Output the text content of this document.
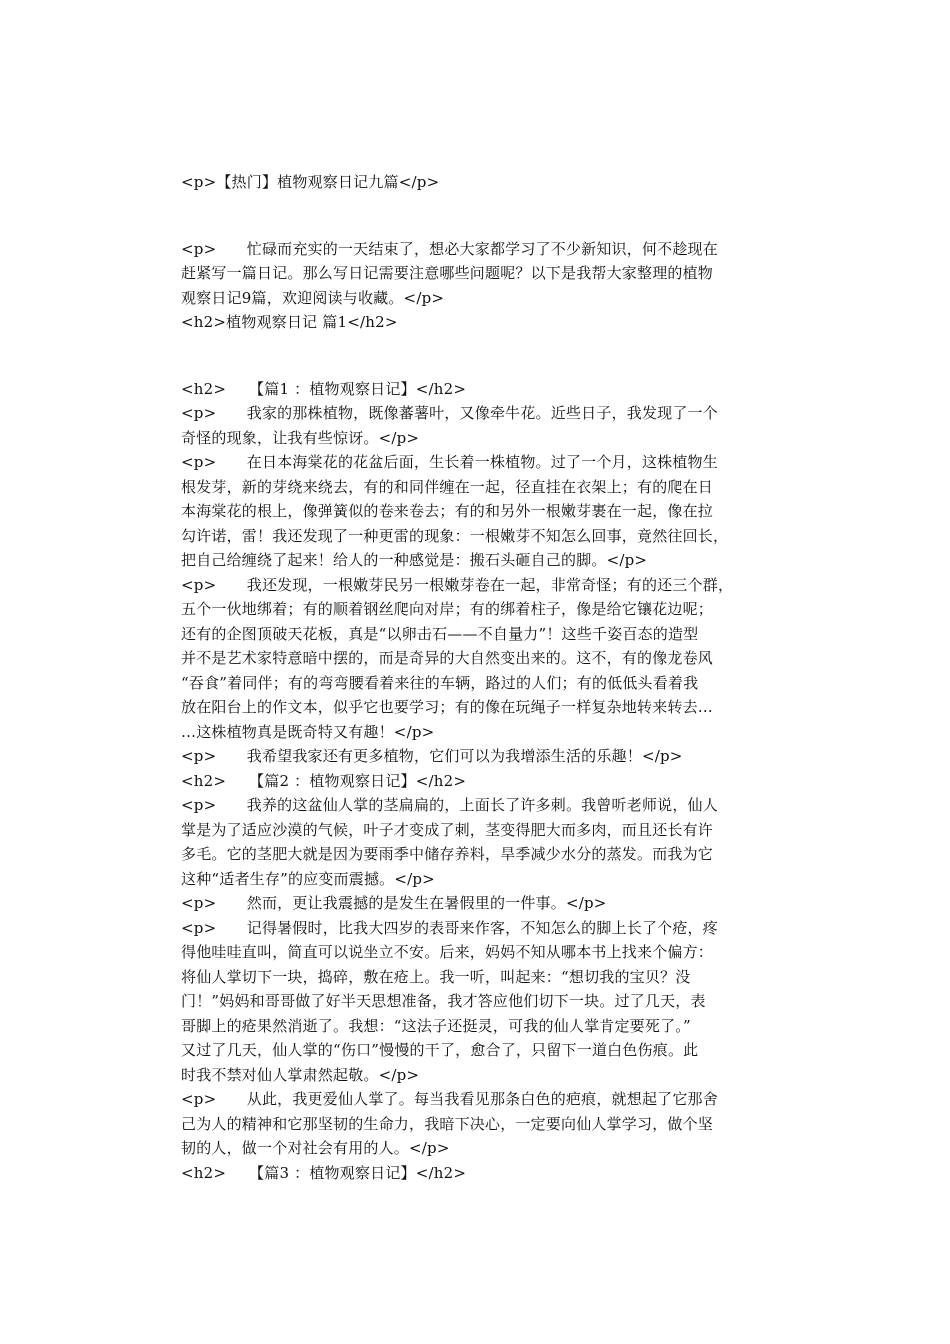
<p>【热门】植物观察日记九篇</p>
<p>　　忙碌而充实的一天结束了，想必大家都学习了不少新知识，何不趁现在
赶紧写一篇日记。那么写日记需要注意哪些问题呢？以下是我帮大家整理的植物
观察日记9篇，欢迎阅读与收藏。</p>
<h2>植物观察日记 篇1</h2>
<h2>　　【篇1 ：植物观察日记】</h2>
<p>　　我家的那株植物，既像蕃薯叶，又像牵牛花。近些日子，我发现了一个
奇怪的现象，让我有些惊讶。</p>
<p>　　在日本海棠花的花盆后面，生长着一株植物。过了一个月，这株植物生
根发芽，新的芽绕来绕去，有的和同伴缠在一起，径直挂在衣架上；有的爬在日
本海棠花的根上，像弹簧似的卷来卷去；有的和另外一根嫩芽裹在一起，像在拉
勾许诺，雷！我还发现了一种更雷的现象：一根嫩芽不知怎么回事，竟然往回长，
把自己给缠绕了起来！给人的一种感觉是：搬石头砸自己的脚。</p>
<p>　　我还发现，一根嫩芽民另一根嫩芽卷在一起，非常奇怪；有的还三个群，
五个一伙地绑着；有的顺着钢丝爬向对岸；有的绑着柱子，像是给它镶花边呢；
还有的企图顶破天花板，真是“以卵击石——不自量力”！这些千姿百态的造型
并不是艺术家特意暗中摆的，而是奇异的大自然变出来的。这不，有的像龙卷风
“吞食”着同伴；有的弯弯腰看着来往的车辆，路过的人们；有的低低头看着我
放在阳台上的作文本，似乎它也要学习；有的像在玩绳子一样复杂地转来转去…
…这株植物真是既奇特又有趣！</p>
<p>　　我希望我家还有更多植物，它们可以为我增添生活的乐趣！</p>
<h2>　　【篇2 ：植物观察日记】</h2>
<p>　　我养的这盆仙人掌的茎扁扁的，上面长了许多刺。我曾听老师说，仙人
掌是为了适应沙漠的气候，叶子才变成了刺，茎变得肥大而多肉，而且还长有许
多毛。它的茎肥大就是因为要雨季中储存养料，旱季减少水分的蒸发。而我为它
这种“适者生存”的应变而震撼。</p>
<p>　　然而，更让我震撼的是发生在暑假里的一件事。</p>
<p>　　记得暑假时，比我大四岁的表哥来作客，不知怎么的脚上长了个疮，疼
得他哇哇直叫，简直可以说坐立不安。后来，妈妈不知从哪本书上找来个偏方：
将仙人掌切下一块，捣碎，敷在疮上。我一听，叫起来：“想切我的宝贝？没
门！”妈妈和哥哥做了好半天思想准备，我才答应他们切下一块。过了几天，表
哥脚上的疮果然消逝了。我想：“这法子还挺灵，可我的仙人掌肯定要死了。”
又过了几天，仙人掌的“伤口”慢慢的干了，愈合了，只留下一道白色伤痕。此
时我不禁对仙人掌肃然起敬。</p>
<p>　　从此，我更爱仙人掌了。每当我看见那条白色的疤痕，就想起了它那舍
己为人的精神和它那坚韧的生命力，我暗下决心，一定要向仙人掌学习，做个坚
韧的人，做一个对社会有用的人。</p>
<h2>　　【篇3 ：植物观察日记】</h2>
